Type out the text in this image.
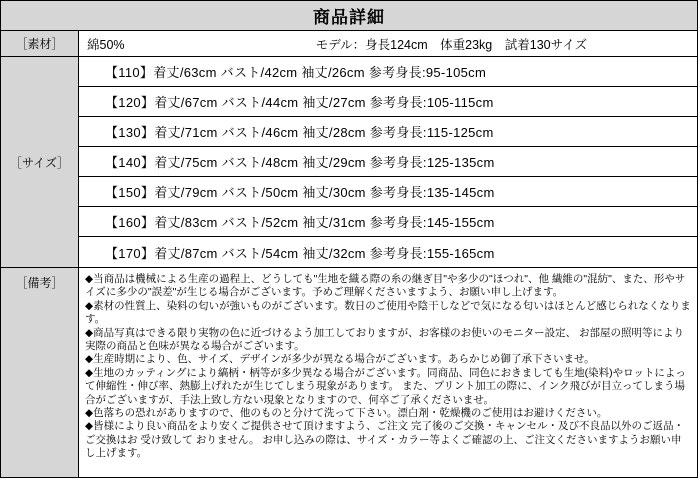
商品詳細
［素材］	綿50%	モデル：身長124cm　体重23kg　試着130サイズ
［サイズ］
【110】着丈/63cm バスト/42cm 袖丈/26cm 参考身長:95-105cm
【120】着丈/67cm バスト/44cm 袖丈/27cm 参考身長:105-115cm
【130】着丈/71cm バスト/46cm 袖丈/28cm 参考身長:115-125cm
【140】着丈/75cm バスト/48cm 袖丈/29cm 参考身長:125-135cm
【150】着丈/79cm バスト/50cm 袖丈/30cm 参考身長:135-145cm
【160】着丈/83cm バスト/52cm 袖丈/31cm 参考身長:145-155cm
【170】着丈/87cm バスト/54cm 袖丈/32cm 参考身長:155-165cm
［備考］	◆当商品は機械による生産の過程上、どうしても"生地を織る際の糸の継ぎ目"や多少の"ほつれ"、他 繊維の"混紡"、また、形やサイズに多少の"誤差"が生じる場合がございます。予めご理解くださいますよう、お願い申し上げます。

◆素材の性質上、染料の匂いが強いものがございます。数日のご使用や陰干しなどで気になる匂いはほとんど感じられなくなります。

◆商品写真はできる限り実物の色に近づけるよう加工しておりますが、お客様のお使いのモニター設定、 お部屋の照明等により実際の商品と色味が異なる場合がございます。

◆生産時期により、色、サイズ、デザインが多少が異なる場合がございます。あらかじめ御了承下さいませ。

◆生地のカッティングにより縞柄・柄等が多少異なる場合がございます。同商品、同色におきましても生地(染料)やロットによって伸縮性・伸び率、熱膨上げれたが生じてしまう現象があります。 また、プリント加工の際に、インク飛びが目立ってしまう場合がございますが、手法上致し方ない現象となりますので、何卒ご了承くださいませ。

◆色落ちの恐れがありますので、他のものと分けて洗って下さい。漂白剤・乾燥機のご使用はお避けください。

◆皆様により良い商品をより安くご提供させて頂けますよう、ご注文 完了後のご交換・キャンセル・及び不良品以外のご返品・ご交換はお 受け致して おりません。 お申し込みの際は、サイズ・カラー等よくご確認の上、ご注文くださいますようお願い申し上げます。
